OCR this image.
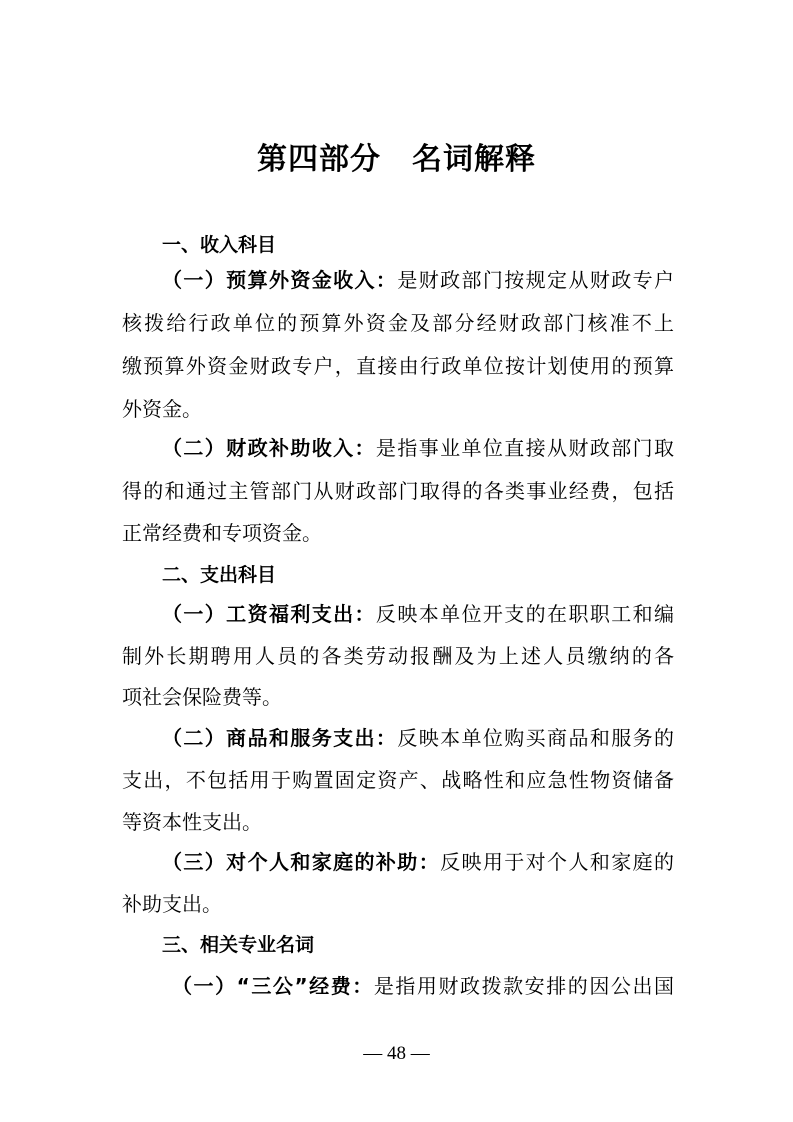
第四部分　名词解释
一、收入科目
（一）预算外资金收入：是财政部门按规定从财政专户
核拨给行政单位的预算外资金及部分经财政部门核准不上
缴预算外资金财政专户，直接由行政单位按计划使用的预算
外资金。
（二）财政补助收入：是指事业单位直接从财政部门取
得的和通过主管部门从财政部门取得的各类事业经费，包括
正常经费和专项资金。
二、支出科目
（一）工资福利支出：反映本单位开支的在职职工和编
制外长期聘用人员的各类劳动报酬及为上述人员缴纳的各
项社会保险费等。
（二）商品和服务支出：反映本单位购买商品和服务的
支出，不包括用于购置固定资产、战略性和应急性物资储备
等资本性支出。
（三）对个人和家庭的补助：反映用于对个人和家庭的
补助支出。
三、相关专业名词
（一）“三公”经费：是指用财政拨款安排的因公出国
— 48 —
